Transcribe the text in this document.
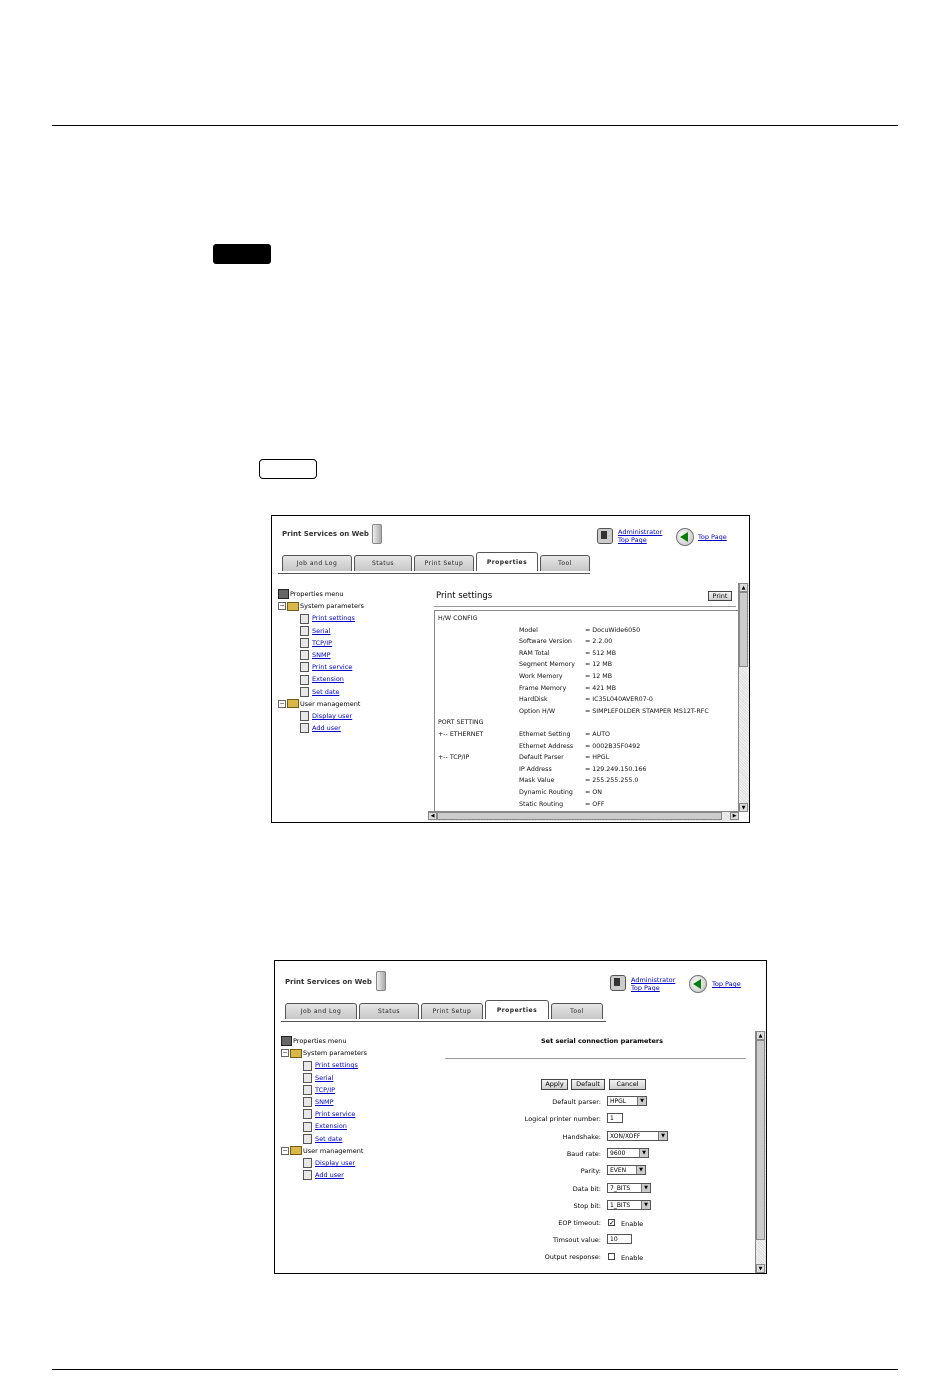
Print Services on Web	Administrator
Top Page	Top Page
Job and Log	Status	Print Setup	Properties	Tool
Properties menu
− System parameters
Print settings
Serial
TCP/IP
SNMP
Print service
Extension
Set date
− User management
Display user
Add user
Print settings	Print
H/W CONFIG
Model	= DocuWide6050
Software Version = 2.2.00
RAM Total	= 512 MB
Segment Memory = 12 MB
Work Memory	= 12 MB
Frame Memory	= 421 MB
HardDisk	= IC35L040AVER07-0
Option H/W	= SIMPLEFOLDER STAMPER MS12T-RFC
PORT SETTING
+-- ETHERNET	Ethernet Setting = AUTO
Ethernet Address = 0002B35F0492
+-- TCP/IP	Default Parser	= HPGL
IP Address	= 129.249.150.166
Mask Value	= 255.255.255.0
Dynamic Routing = ON
Static Routing	= OFF
▲
▼
◀	▶
Print Services on Web	Administrator
Top Page	Top Page
Job and Log	Status	Print Setup	Properties	Tool
Properties menu
− System parameters
Print settings
Serial
TCP/IP
SNMP
Print service
Extension
Set date
− User management
Display user
Add user
Set serial connection parameters
Apply	Default	Cancel
Default parser:	HPGL	▼
Logical printer number:	1
Handshake:	XON/XOFF	▼
Baud rate:	9600	▼
Parity:	EVEN	▼
Data bit:	7_BITS	▼
Stop bit:	1_BITS	▼
EOP timeout: ✓ Enable
Timsout value:	10
Output response:	Enable
▲
▼
